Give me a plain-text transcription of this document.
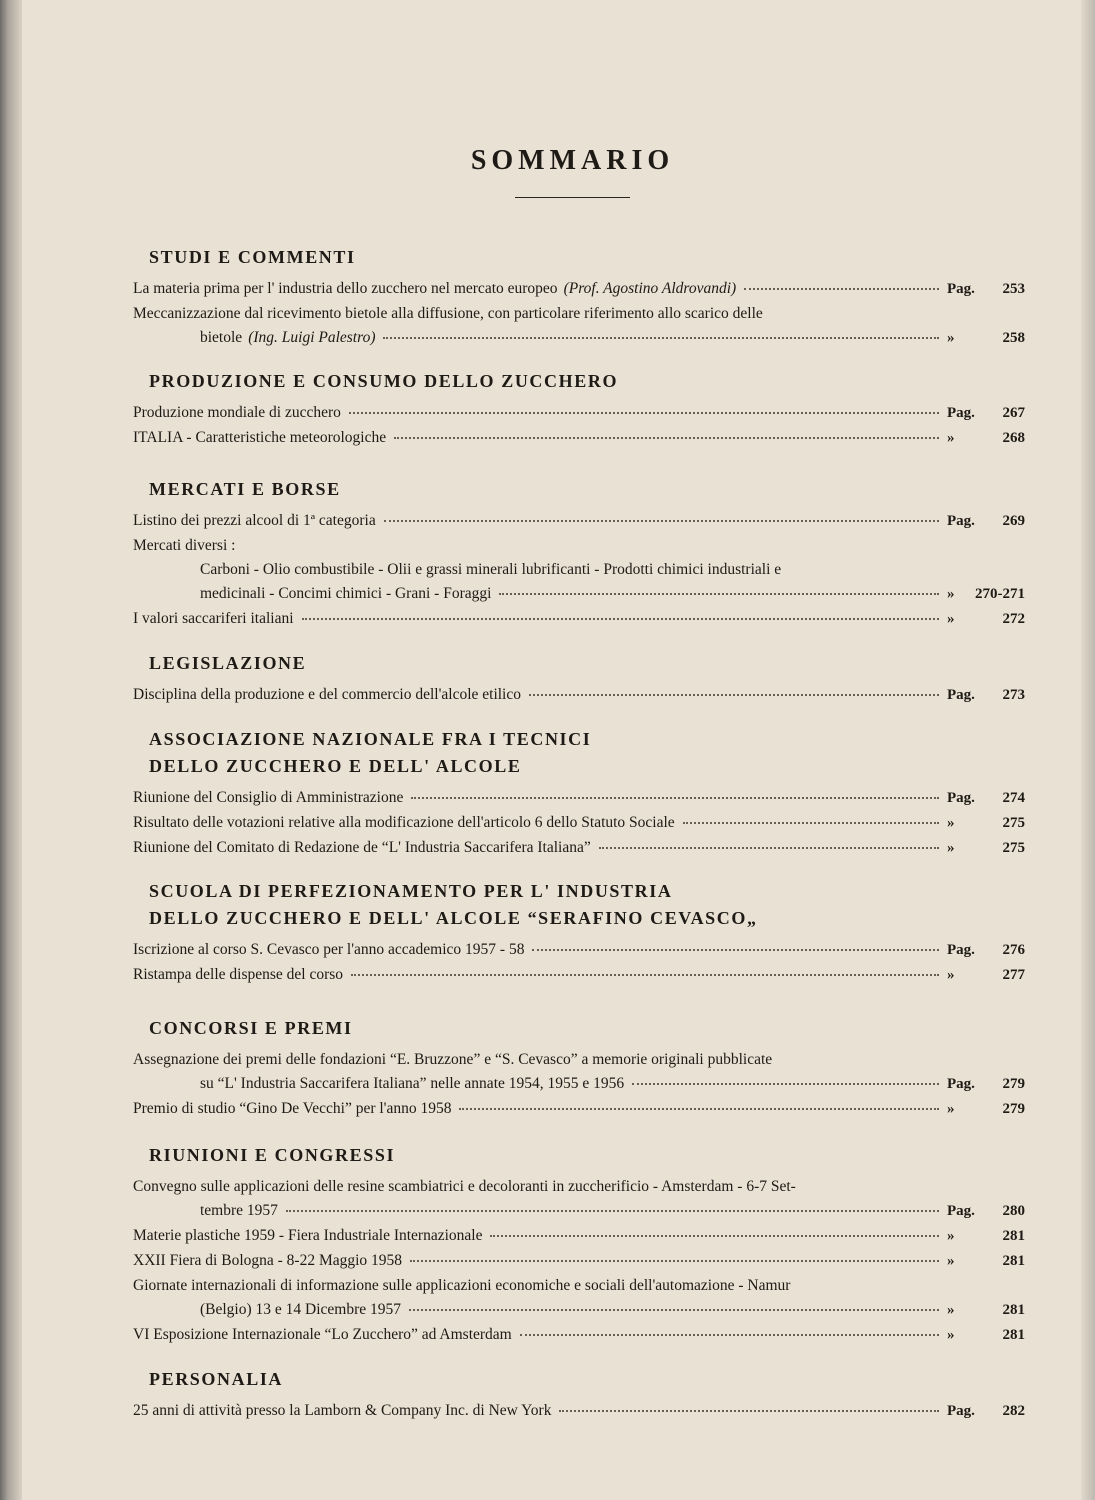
SOMMARIO
STUDI E COMMENTI
La materia prima per l' industria dello zucchero nel mercato europeo (Prof. Agostino Aldrovandi)	Pag. 253
Meccanizzazione dal ricevimento bietole alla diffusione, con particolare riferimento allo scarico delle
bietole (Ing. Luigi Palestro)	»	258
PRODUZIONE E CONSUMO DELLO ZUCCHERO
Produzione mondiale di zucchero	Pag. 267
ITALIA - Caratteristiche meteorologiche	»	268
MERCATI E BORSE
Listino dei prezzi alcool di 1ª categoria	Pag. 269
Mercati diversi :
Carboni - Olio combustibile - Olii e grassi minerali lubrificanti - Prodotti chimici industriali e
medicinali - Concimi chimici - Grani - Foraggi	» 270-271
I valori saccariferi italiani	»	272
LEGISLAZIONE
Disciplina della produzione e del commercio dell'alcole etilico	Pag. 273
ASSOCIAZIONE NAZIONALE FRA I TECNICI
DELLO ZUCCHERO E DELL' ALCOLE
Riunione del Consiglio di Amministrazione	Pag. 274
Risultato delle votazioni relative alla modificazione dell'articolo 6 dello Statuto Sociale	»	275
Riunione del Comitato di Redazione de “L' Industria Saccarifera Italiana”	»	275
SCUOLA DI PERFEZIONAMENTO PER L' INDUSTRIA
DELLO ZUCCHERO E DELL' ALCOLE “SERAFINO CEVASCO„
Iscrizione al corso S. Cevasco per l'anno accademico 1957 - 58	Pag. 276
Ristampa delle dispense del corso	»	277
CONCORSI E PREMI
Assegnazione dei premi delle fondazioni “E. Bruzzone” e “S. Cevasco” a memorie originali pubblicate
su “L' Industria Saccarifera Italiana” nelle annate 1954, 1955 e 1956	Pag. 279
Premio di studio “Gino De Vecchi” per l'anno 1958	»	279
RIUNIONI E CONGRESSI
Convegno sulle applicazioni delle resine scambiatrici e decoloranti in zuccherificio - Amsterdam - 6-7 Set-
tembre 1957	Pag. 280
Materie plastiche 1959 - Fiera Industriale Internazionale	»	281
XXII Fiera di Bologna - 8-22 Maggio 1958	»	281
Giornate internazionali di informazione sulle applicazioni economiche e sociali dell'automazione - Namur
(Belgio) 13 e 14 Dicembre 1957	»	281
VI Esposizione Internazionale “Lo Zucchero” ad Amsterdam	»	281
PERSONALIA
25 anni di attività presso la Lamborn & Company Inc. di New York	Pag. 282
